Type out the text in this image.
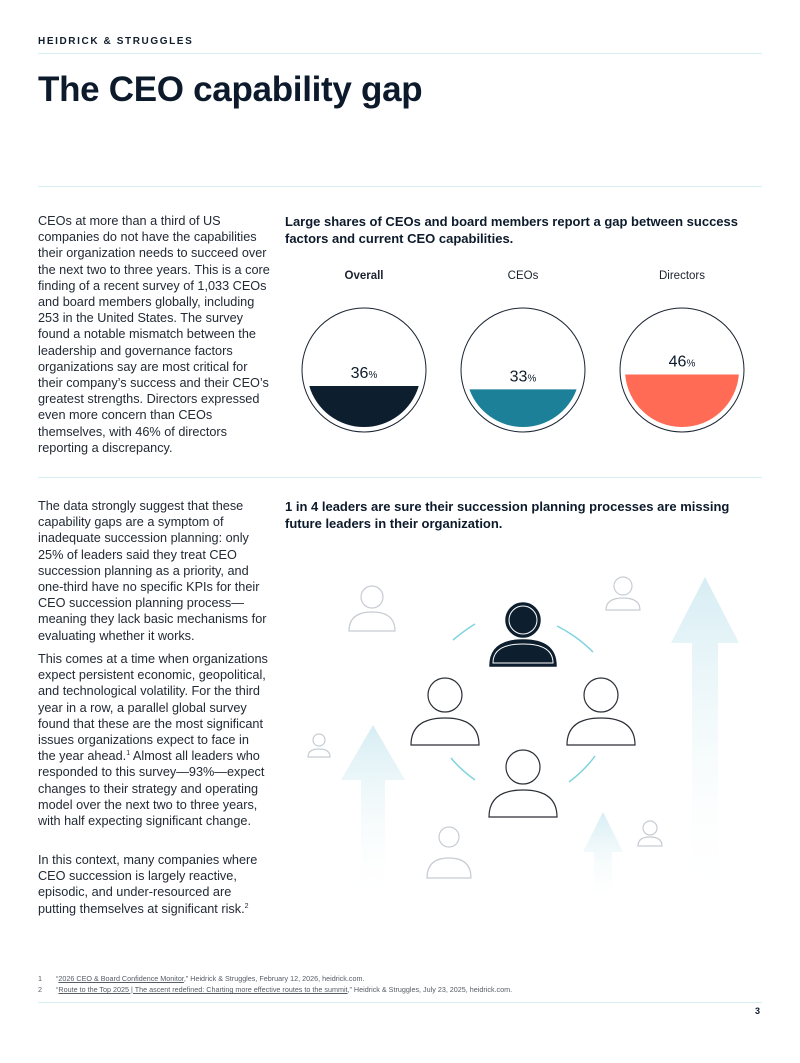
HEIDRICK & STRUGGLES
The CEO capability gap

CEOs at more than a third of US companies do not have the capabilities their organization needs to succeed over the next two to three years. This is a core finding of a recent survey of 1,033 CEOs and board members globally, including 253 in the United States. The survey found a notable mismatch between the leadership and governance factors organizations say are most critical for their company’s success and their CEO’s greatest strengths. Directors expressed even more concern than CEOs themselves, with 46% of directors reporting a discrepancy.

Large shares of CEOs and board members report a gap between success factors and current CEO capabilities.

Overall	CEOs	Directors
36%	33%
46%

The data strongly suggest that these capability gaps are a symptom of inadequate succession planning: only 25% of leaders said they treat CEO succession planning as a priority, and one-third have no specific KPIs for their CEO succession planning process—meaning they lack basic mechanisms for evaluating whether it works.

This comes at a time when organizations expect persistent economic, geopolitical, and technological volatility. For the third year in a row, a parallel global survey found that these are the most significant issues organizations expect to face in the year ahead.$^1$ Almost all leaders who responded to this survey—93%—expect changes to their strategy and operating model over the next two to three years, with half expecting significant change.

In this context, many companies where CEO succession is largely reactive, episodic, and under-resourced are putting themselves at significant risk.$^2$

1 in 4 leaders are sure their succession planning processes are missing future leaders in their organization.

1	“2026 CEO & Board Confidence Monitor,” Heidrick & Struggles, February 12, 2026, heidrick.com.
2	“Route to the Top 2025 | The ascent redefined: Charting more effective routes to the summit,” Heidrick & Struggles, July 23, 2025, heidrick.com.
3
